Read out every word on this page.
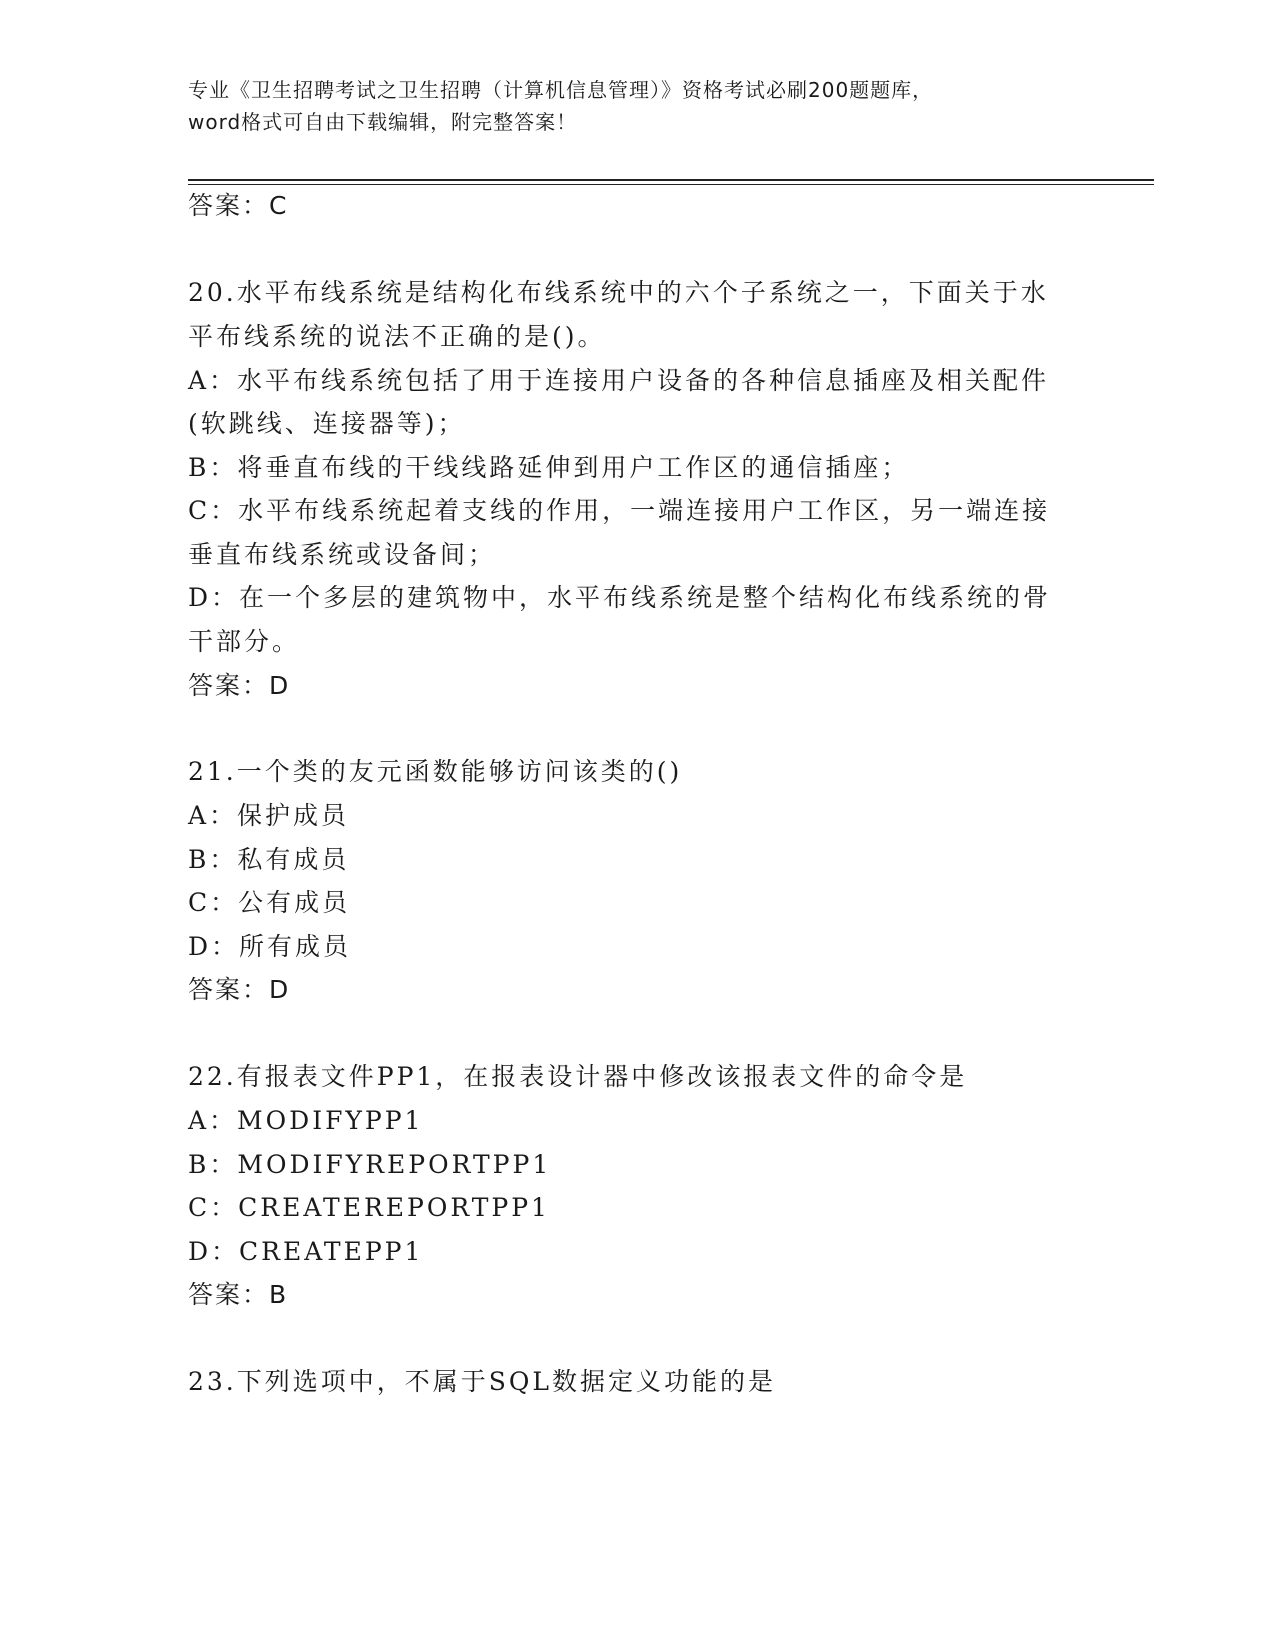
专业《卫生招聘考试之卫生招聘（计算机信息管理）》资格考试必刷200题题库，

word格式可自由下载编辑，附完整答案！

答案：C
20.水平布线系统是结构化布线系统中的六个子系统之一，下面关于水
平布线系统的说法不正确的是()。
A：水平布线系统包括了用于连接用户设备的各种信息插座及相关配件
(软跳线、连接器等)；
B：将垂直布线的干线线路延伸到用户工作区的通信插座；
C：水平布线系统起着支线的作用，一端连接用户工作区，另一端连接
垂直布线系统或设备间；
D：在一个多层的建筑物中，水平布线系统是整个结构化布线系统的骨
干部分。
答案：D
21.一个类的友元函数能够访问该类的()
A：保护成员
B：私有成员
C：公有成员
D：所有成员
答案：D
22.有报表文件PP1，在报表设计器中修改该报表文件的命令是
A：MODIFYPP1
B：MODIFYREPORTPP1
C：CREATEREPORTPP1
D：CREATEPP1
答案：B
23.下列选项中，不属于SQL数据定义功能的是
